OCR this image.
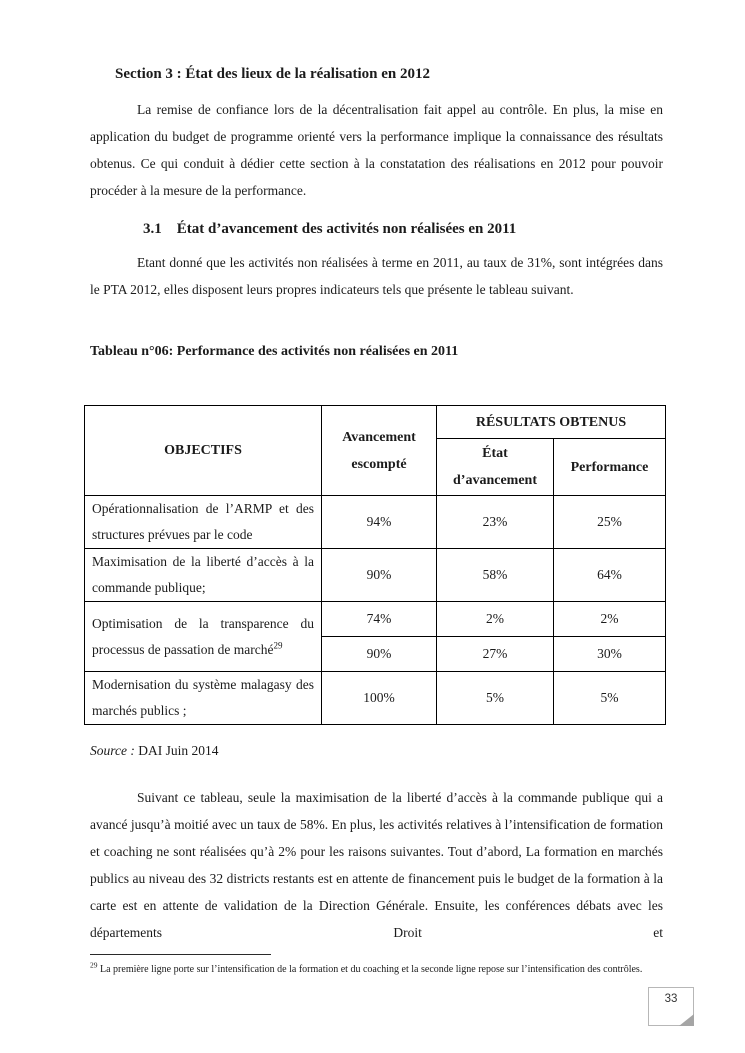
Section 3 : État des lieux de la réalisation en 2012

La remise de confiance lors de la décentralisation fait appel au contrôle. En plus, la mise en application du budget de programme orienté vers la performance implique la connaissance des résultats obtenus. Ce qui conduit à dédier cette section à la constatation des réalisations en 2012 pour pouvoir procéder à la mesure de la performance.

3.1 État d’avancement des activités non réalisées en 2011

Etant donné que les activités non réalisées à terme en 2011, au taux de 31%, sont intégrées dans le PTA 2012, elles disposent leurs propres indicateurs tels que présente le tableau suivant.

Tableau n°06: Performance des activités non réalisées en 2011

OBJECTIFS	Avancement escompté	RÉSULTATS OBTENUS	
		État d’avancement	Performance
Opérationnalisation de l’ARMP et des structures prévues par le code	94%	23%	25%
Maximisation de la liberté d’accès à la commande publique;	90%	58%	64%
Optimisation de la transparence du processus de passation de marché$^{29}$	74%	2%	2%
	90%	27%	30%
Modernisation du système malagasy des marchés publics ;	100%	5%	5%

Source : DAI Juin 2014

Suivant ce tableau, seule la maximisation de la liberté d’accès à la commande publique qui a avancé jusqu’à moitié avec un taux de 58%. En plus, les activités relatives à l’intensification de formation et coaching ne sont réalisées qu’à 2% pour les raisons suivantes. Tout d’abord, La formation en marchés publics au niveau des 32 districts restants est en attente de financement puis le budget de la formation à la carte est en attente de validation de la Direction Générale. Ensuite, les conférences débats avec les départements Droit et

$^{29}$ La première ligne porte sur l’intensification de la formation et du coaching et la seconde ligne repose sur l’intensification des contrôles.

33
